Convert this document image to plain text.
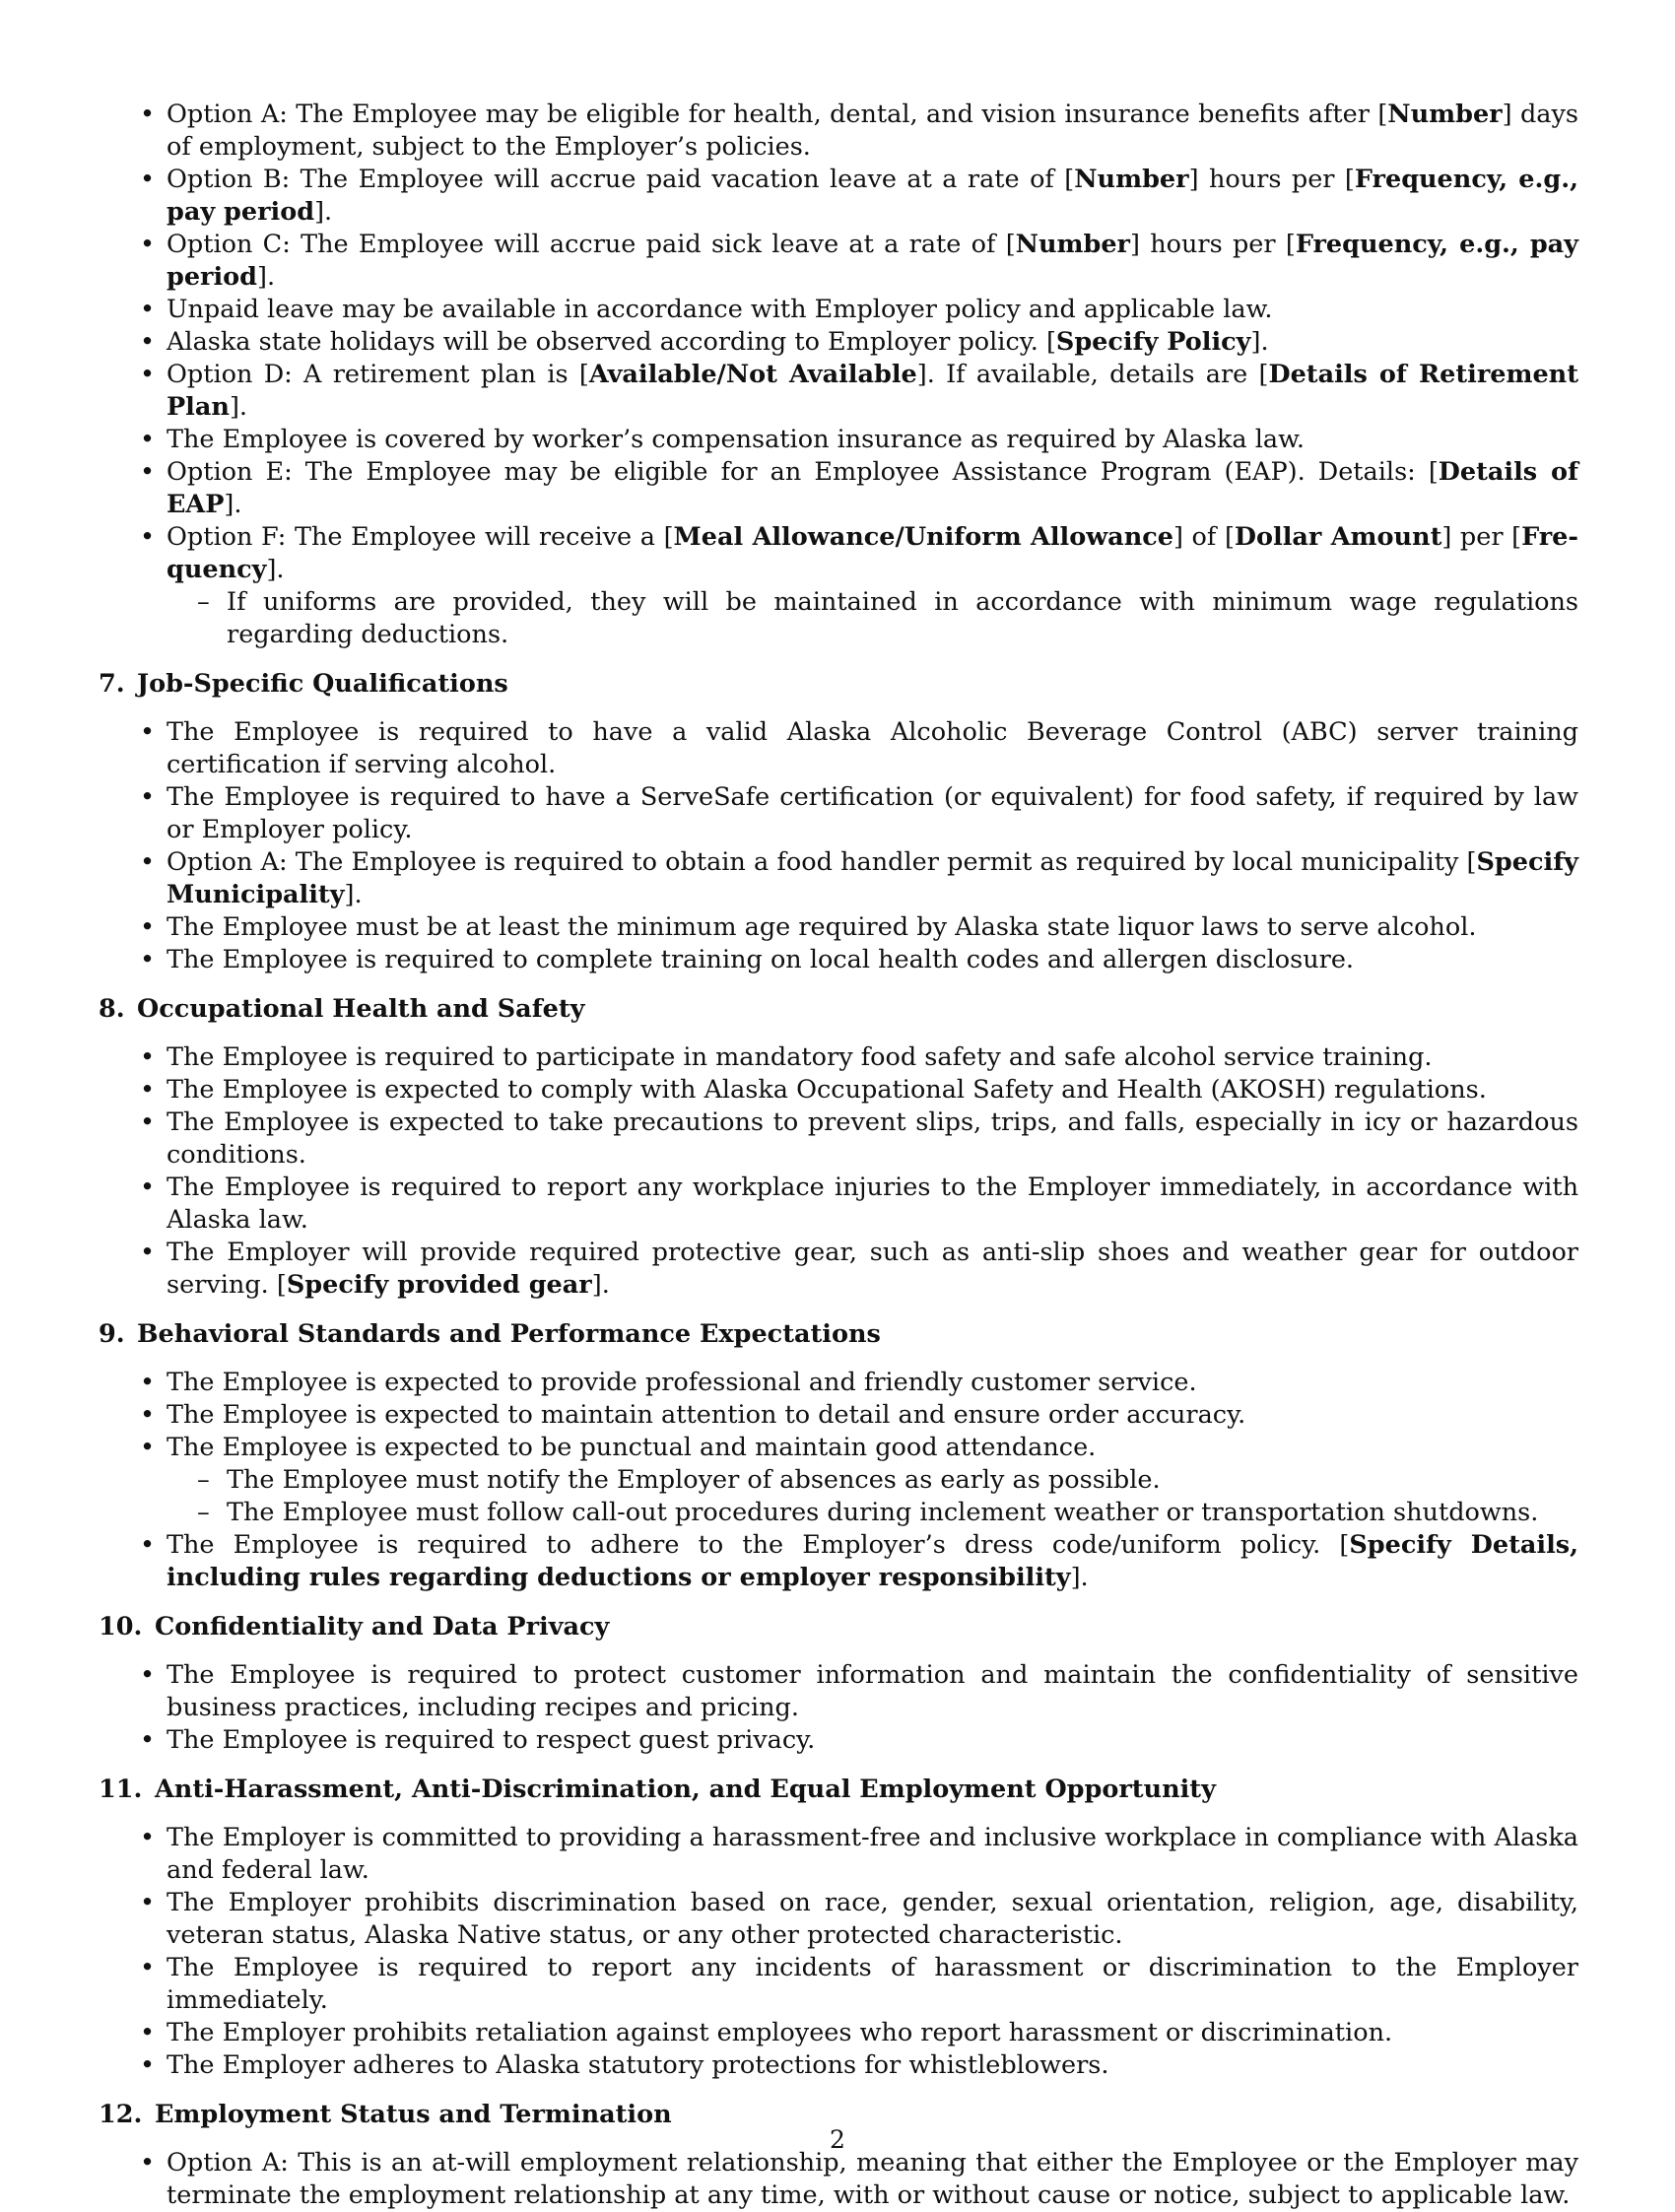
• Option A: The Employee may be eligible for health, dental, and vision insurance benefits after [Number] days of employment, subject to the Employer’s policies.
• Option B: The Employee will accrue paid vacation leave at a rate of [Number] hours per [Frequency, e.g., pay period].
• Option C: The Employee will accrue paid sick leave at a rate of [Number] hours per [Frequency, e.g., pay period].
• Unpaid leave may be available in accordance with Employer policy and applicable law.
• Alaska state holidays will be observed according to Employer policy. [Specify Policy].
• Option D: A retirement plan is [Available/Not Available]. If available, details are [Details of Retirement Plan].
• The Employee is covered by worker’s compensation insurance as required by Alaska law.
• Option E: The Employee may be eligible for an Employee Assistance Program (EAP). Details: [Details of EAP].
• Option F: The Employee will receive a [Meal Allowance/Uniform Allowance] of [Dollar Amount] per [Frequency].
– If uniforms are provided, they will be maintained in accordance with minimum wage regulations regarding deductions.
7. Job-Specific Qualifications
• The Employee is required to have a valid Alaska Alcoholic Beverage Control (ABC) server training certification if serving alcohol.
• The Employee is required to have a ServeSafe certification (or equivalent) for food safety, if required by law or Employer policy.
• Option A: The Employee is required to obtain a food handler permit as required by local municipality [Specify Municipality].
• The Employee must be at least the minimum age required by Alaska state liquor laws to serve alcohol.
• The Employee is required to complete training on local health codes and allergen disclosure.
8. Occupational Health and Safety
• The Employee is required to participate in mandatory food safety and safe alcohol service training.
• The Employee is expected to comply with Alaska Occupational Safety and Health (AKOSH) regulations.
• The Employee is expected to take precautions to prevent slips, trips, and falls, especially in icy or hazardous conditions.
• The Employee is required to report any workplace injuries to the Employer immediately, in accordance with Alaska law.
• The Employer will provide required protective gear, such as anti-slip shoes and weather gear for outdoor serving. [Specify provided gear].
9. Behavioral Standards and Performance Expectations
• The Employee is expected to provide professional and friendly customer service.
• The Employee is expected to maintain attention to detail and ensure order accuracy.
• The Employee is expected to be punctual and maintain good attendance.
– The Employee must notify the Employer of absences as early as possible.
– The Employee must follow call-out procedures during inclement weather or transportation shutdowns.
• The Employee is required to adhere to the Employer’s dress code/uniform policy. [Specify Details, including rules regarding deductions or employer responsibility].
10. Confidentiality and Data Privacy
• The Employee is required to protect customer information and maintain the confidentiality of sensitive business practices, including recipes and pricing.
• The Employee is required to respect guest privacy.
11. Anti-Harassment, Anti-Discrimination, and Equal Employment Opportunity
• The Employer is committed to providing a harassment-free and inclusive workplace in compliance with Alaska and federal law.
• The Employer prohibits discrimination based on race, gender, sexual orientation, religion, age, disability, veteran status, Alaska Native status, or any other protected characteristic.
• The Employee is required to report any incidents of harassment or discrimination to the Employer immediately.
• The Employer prohibits retaliation against employees who report harassment or discrimination.
• The Employer adheres to Alaska statutory protections for whistleblowers.
12. Employment Status and Termination
• Option A: This is an at-will employment relationship, meaning that either the Employee or the Employer may terminate the employment relationship at any time, with or without cause or notice, subject to applicable law.
2
